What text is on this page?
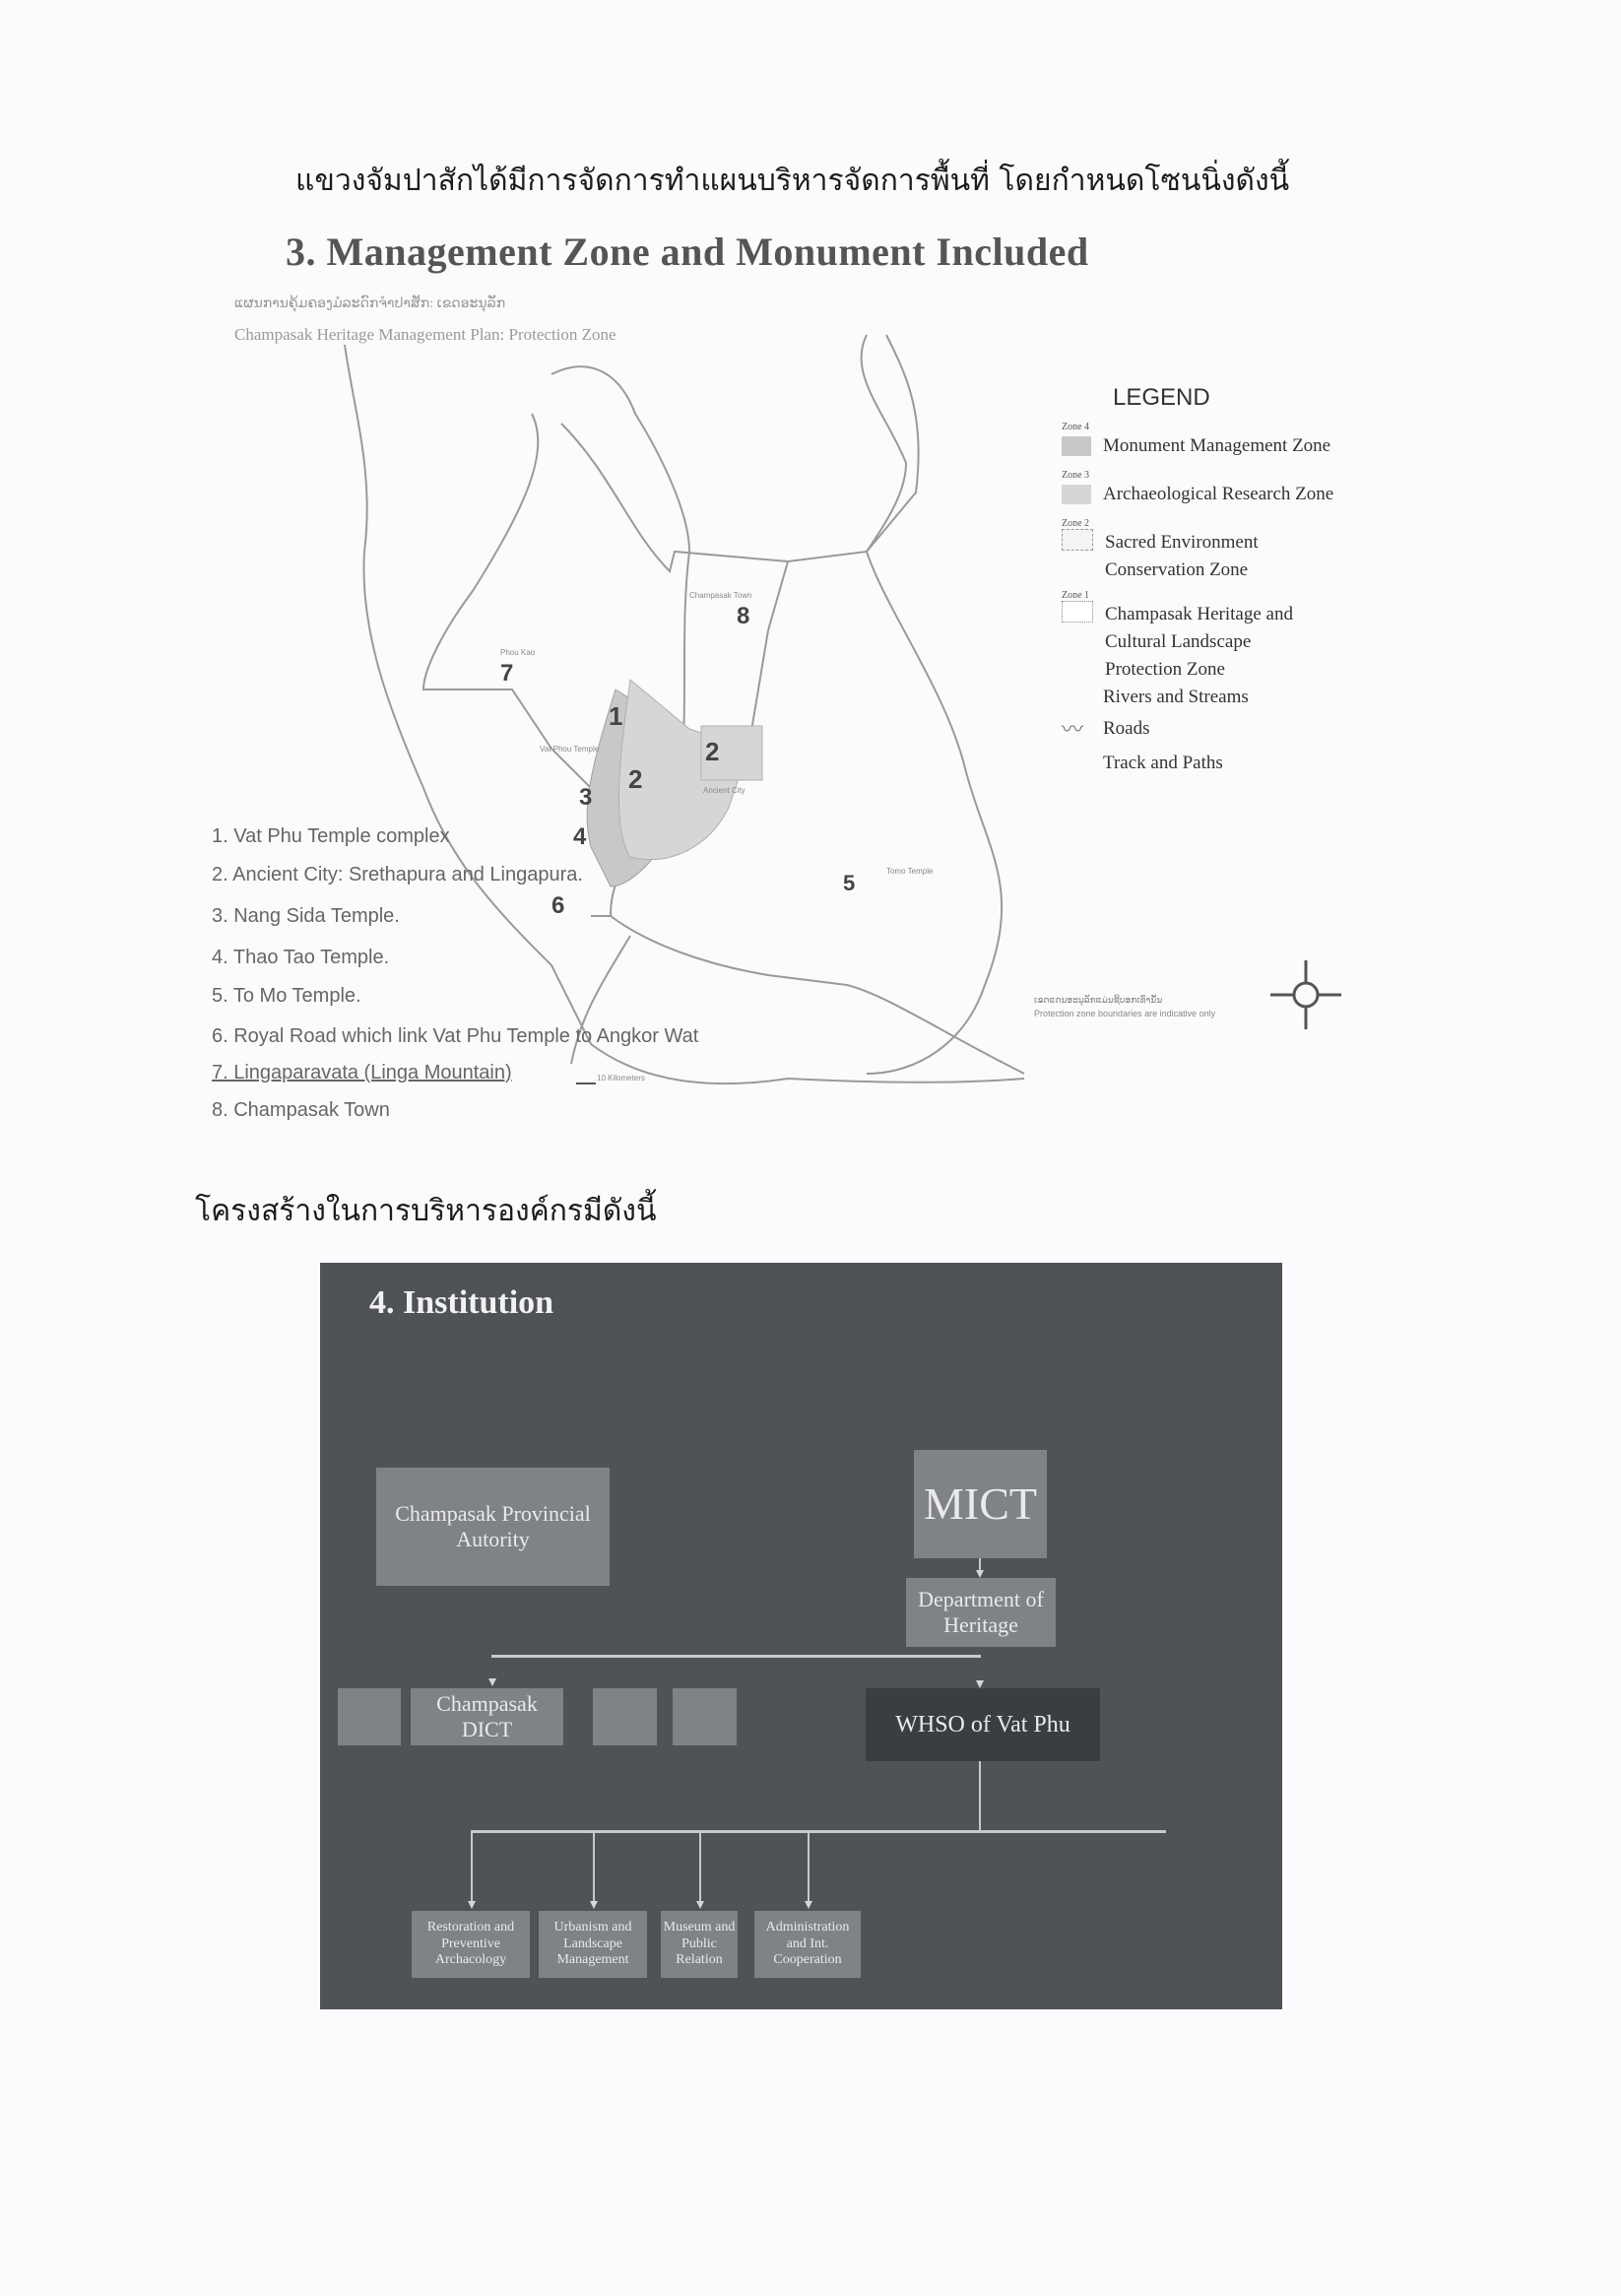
แขวงจัมปาสักได้มีการจัดการทำแผนบริหารจัดการพื้นที่ โดยกำหนดโซนนิ่งดังนี้
3. Management Zone and Monument Included
ແຜນການຄຸ້ມຄອງມໍລະດົກຈຳປາສັກ: ເຂດອະນຸລັກ
Champasak Heritage Management Plan: Protection Zone
1
2
2
3
4
5
6
7
8
Champasak Town
Vat Phou Temple
Ancient City
Phou Kao
Tomo Temple
LEGEND
Zone 4
Monument Management Zone
Zone 3
Archaeological Research Zone
Zone 2
Sacred Environment Conservation Zone
Zone 1
Champasak Heritage and Cultural Landscape Protection Zone
Rivers and Streams
〰	Roads
Track and Paths
ເຂດແດນອະນຸລັກແມ່ນຊີ້ບອກເທົ່ານັ້ນ
Protection zone boundaries are indicative only
1. Vat Phu Temple complex
2. Ancient City: Srethapura and Lingapura.
3. Nang Sida Temple.
4. Thao Tao Temple.
5. To Mo Temple.
6. Royal Road which link Vat Phu Temple to Angkor Wat
7. Lingaparavata (Linga Mountain)
8. Champasak Town
10 Kilometers
โครงสร้างในการบริหารองค์กรมีดังนี้
4. Institution
MICT
Department of Heritage
Champasak Provincial Autority
Champasak DICT	WHSO of Vat Phu
Restoration and Preventive Archacology
Urbanism and Landscape Management
Museum and Public Relation
Administration and Int. Cooperation
